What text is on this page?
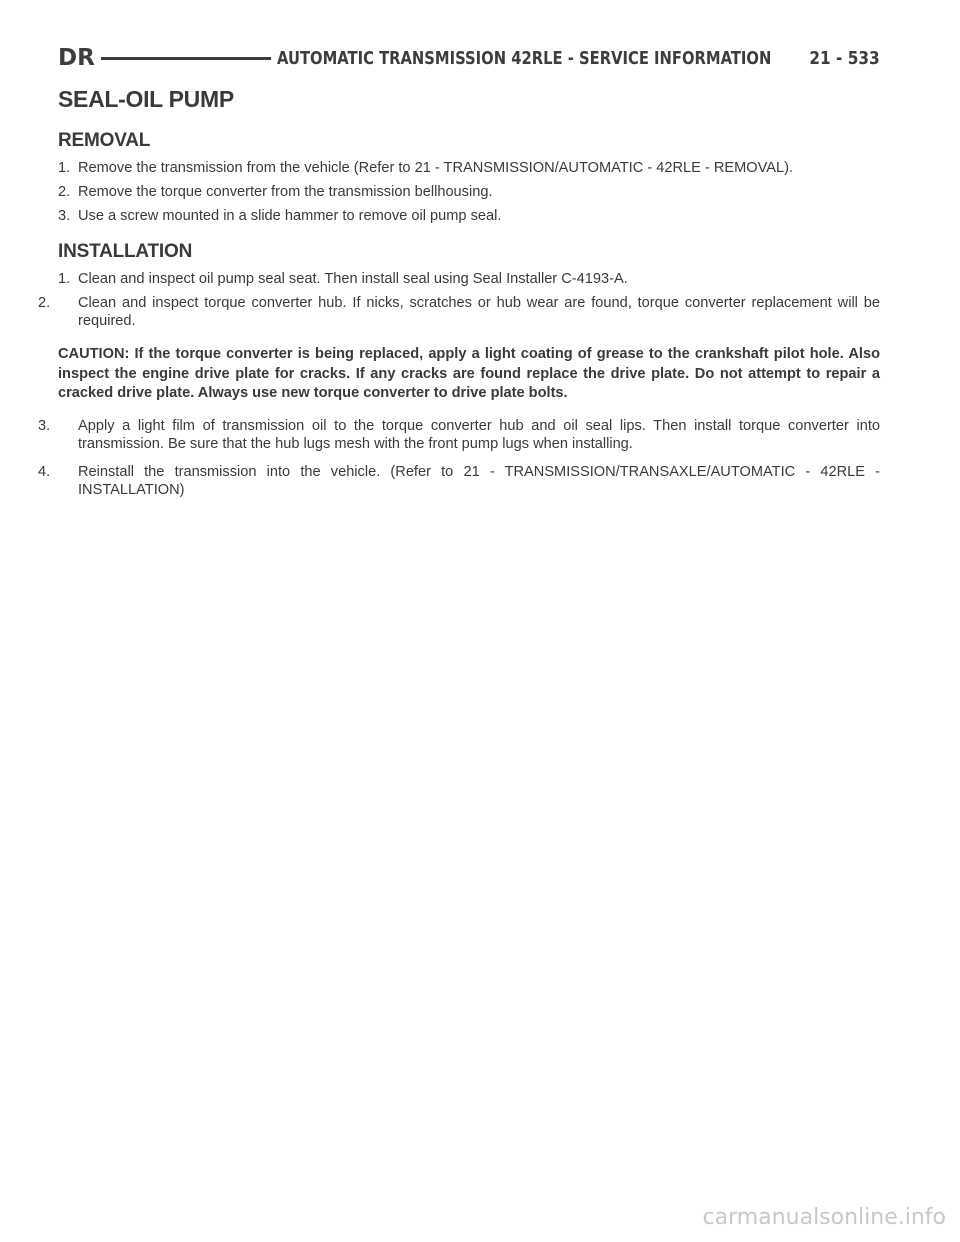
DR	AUTOMATIC TRANSMISSION 42RLE - SERVICE INFORMATION 21 - 533
SEAL-OIL PUMP
REMOVAL
1. Remove the transmission from the vehicle (Refer to 21 - TRANSMISSION/AUTOMATIC - 42RLE - REMOVAL).
2. Remove the torque converter from the transmission bellhousing.
3. Use a screw mounted in a slide hammer to remove oil pump seal.
INSTALLATION
1. Clean and inspect oil pump seal seat. Then install seal using Seal Installer C-4193-A.
2. Clean and inspect torque converter hub. If nicks, scratches or hub wear are found, torque converter replacement will be required.
CAUTION: If the torque converter is being replaced, apply a light coating of grease to the crankshaft pilot hole. Also inspect the engine drive plate for cracks. If any cracks are found replace the drive plate. Do not attempt to repair a cracked drive plate. Always use new torque converter to drive plate bolts.
3. Apply a light film of transmission oil to the torque converter hub and oil seal lips. Then install torque converter into transmission. Be sure that the hub lugs mesh with the front pump lugs when installing.
4. Reinstall the transmission into the vehicle. (Refer to 21 - TRANSMISSION/TRANSAXLE/AUTOMATIC - 42RLE - INSTALLATION)
carmanualsonline.info
